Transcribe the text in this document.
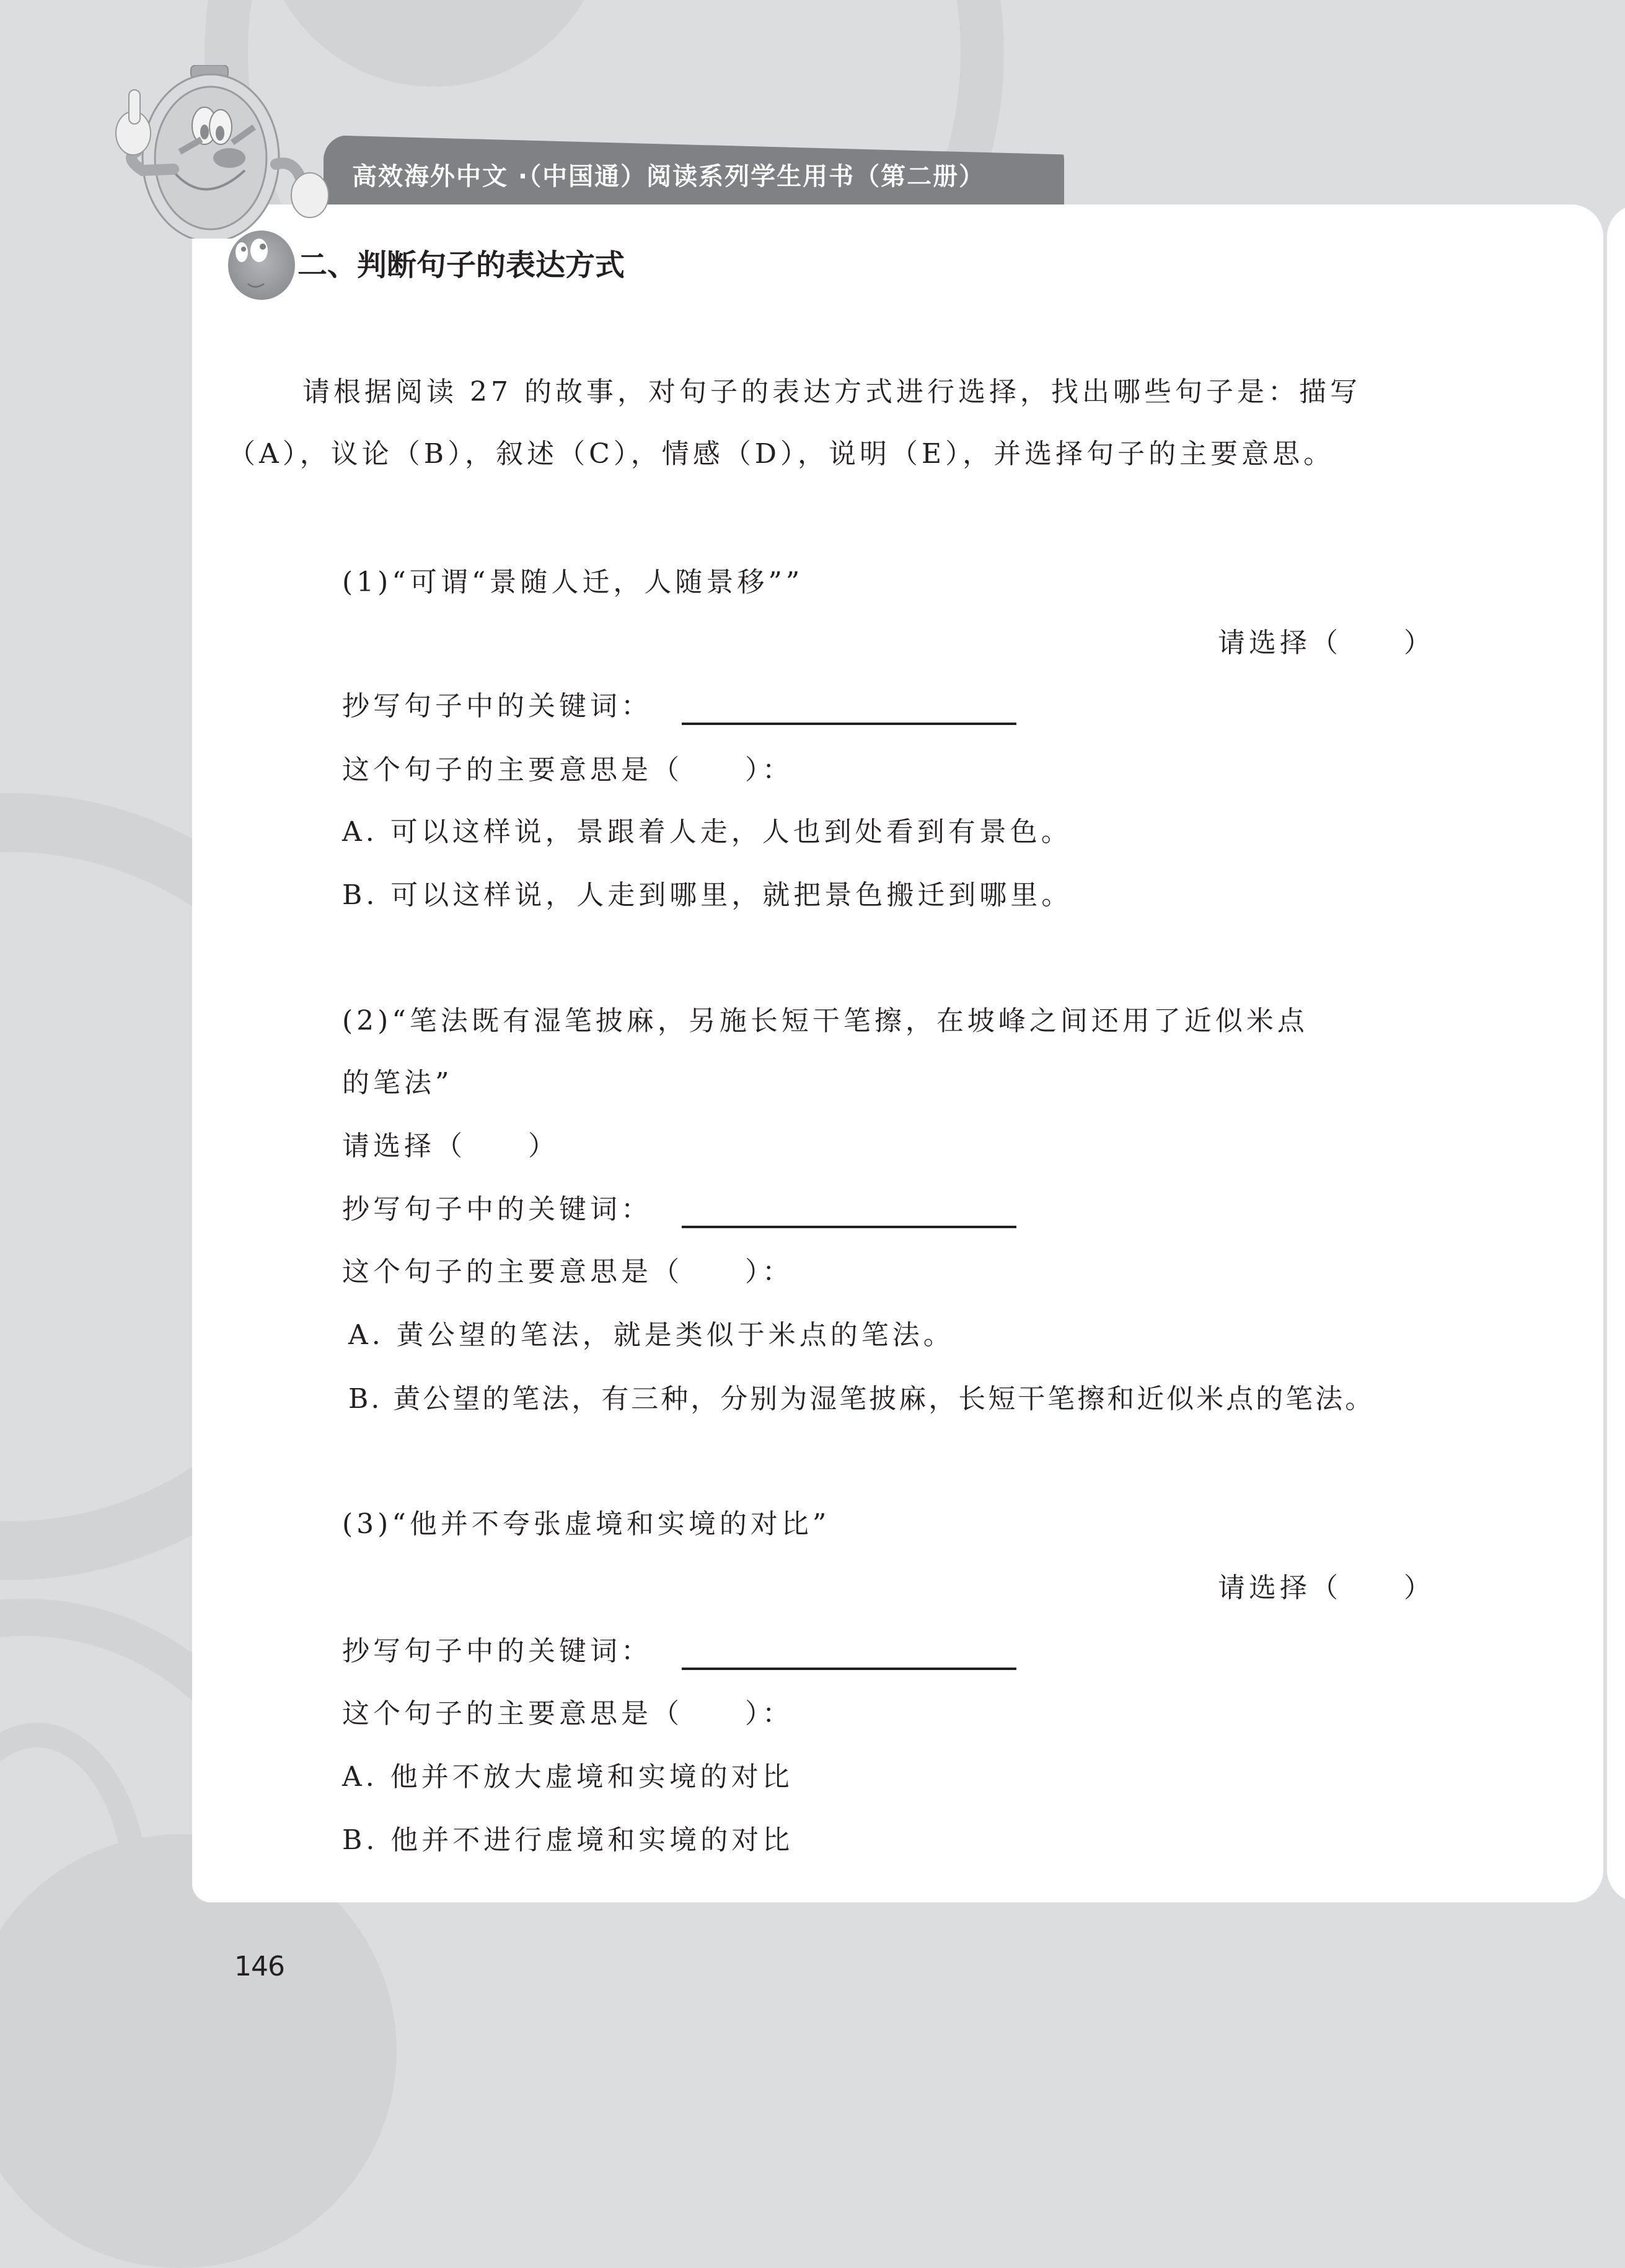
高效海外中文 ·（中国通）阅读系列学生用书（第二册）
二、判断句子的表达方式
请根据阅读 27 的故事，对句子的表达方式进行选择，找出哪些句子是：描写
（A），议论（B），叙述（C），情感（D），说明（E），并选择句子的主要意思。
(1)“可谓“景随人迁，人随景移””
请选择（　　）
抄写句子中的关键词：
这个句子的主要意思是（　　）：
A. 可以这样说，景跟着人走，人也到处看到有景色。
B. 可以这样说，人走到哪里，就把景色搬迁到哪里。
(2)“笔法既有湿笔披麻，另施长短干笔擦，在坡峰之间还用了近似米点
的笔法”
请选择（　　）
抄写句子中的关键词：
这个句子的主要意思是（　　）：
A. 黄公望的笔法，就是类似于米点的笔法。
B. 黄公望的笔法，有三种，分别为湿笔披麻，长短干笔擦和近似米点的笔法。
(3)“他并不夸张虚境和实境的对比”
请选择（　　）
抄写句子中的关键词：
这个句子的主要意思是（　　）：
A. 他并不放大虚境和实境的对比
B. 他并不进行虚境和实境的对比
146
